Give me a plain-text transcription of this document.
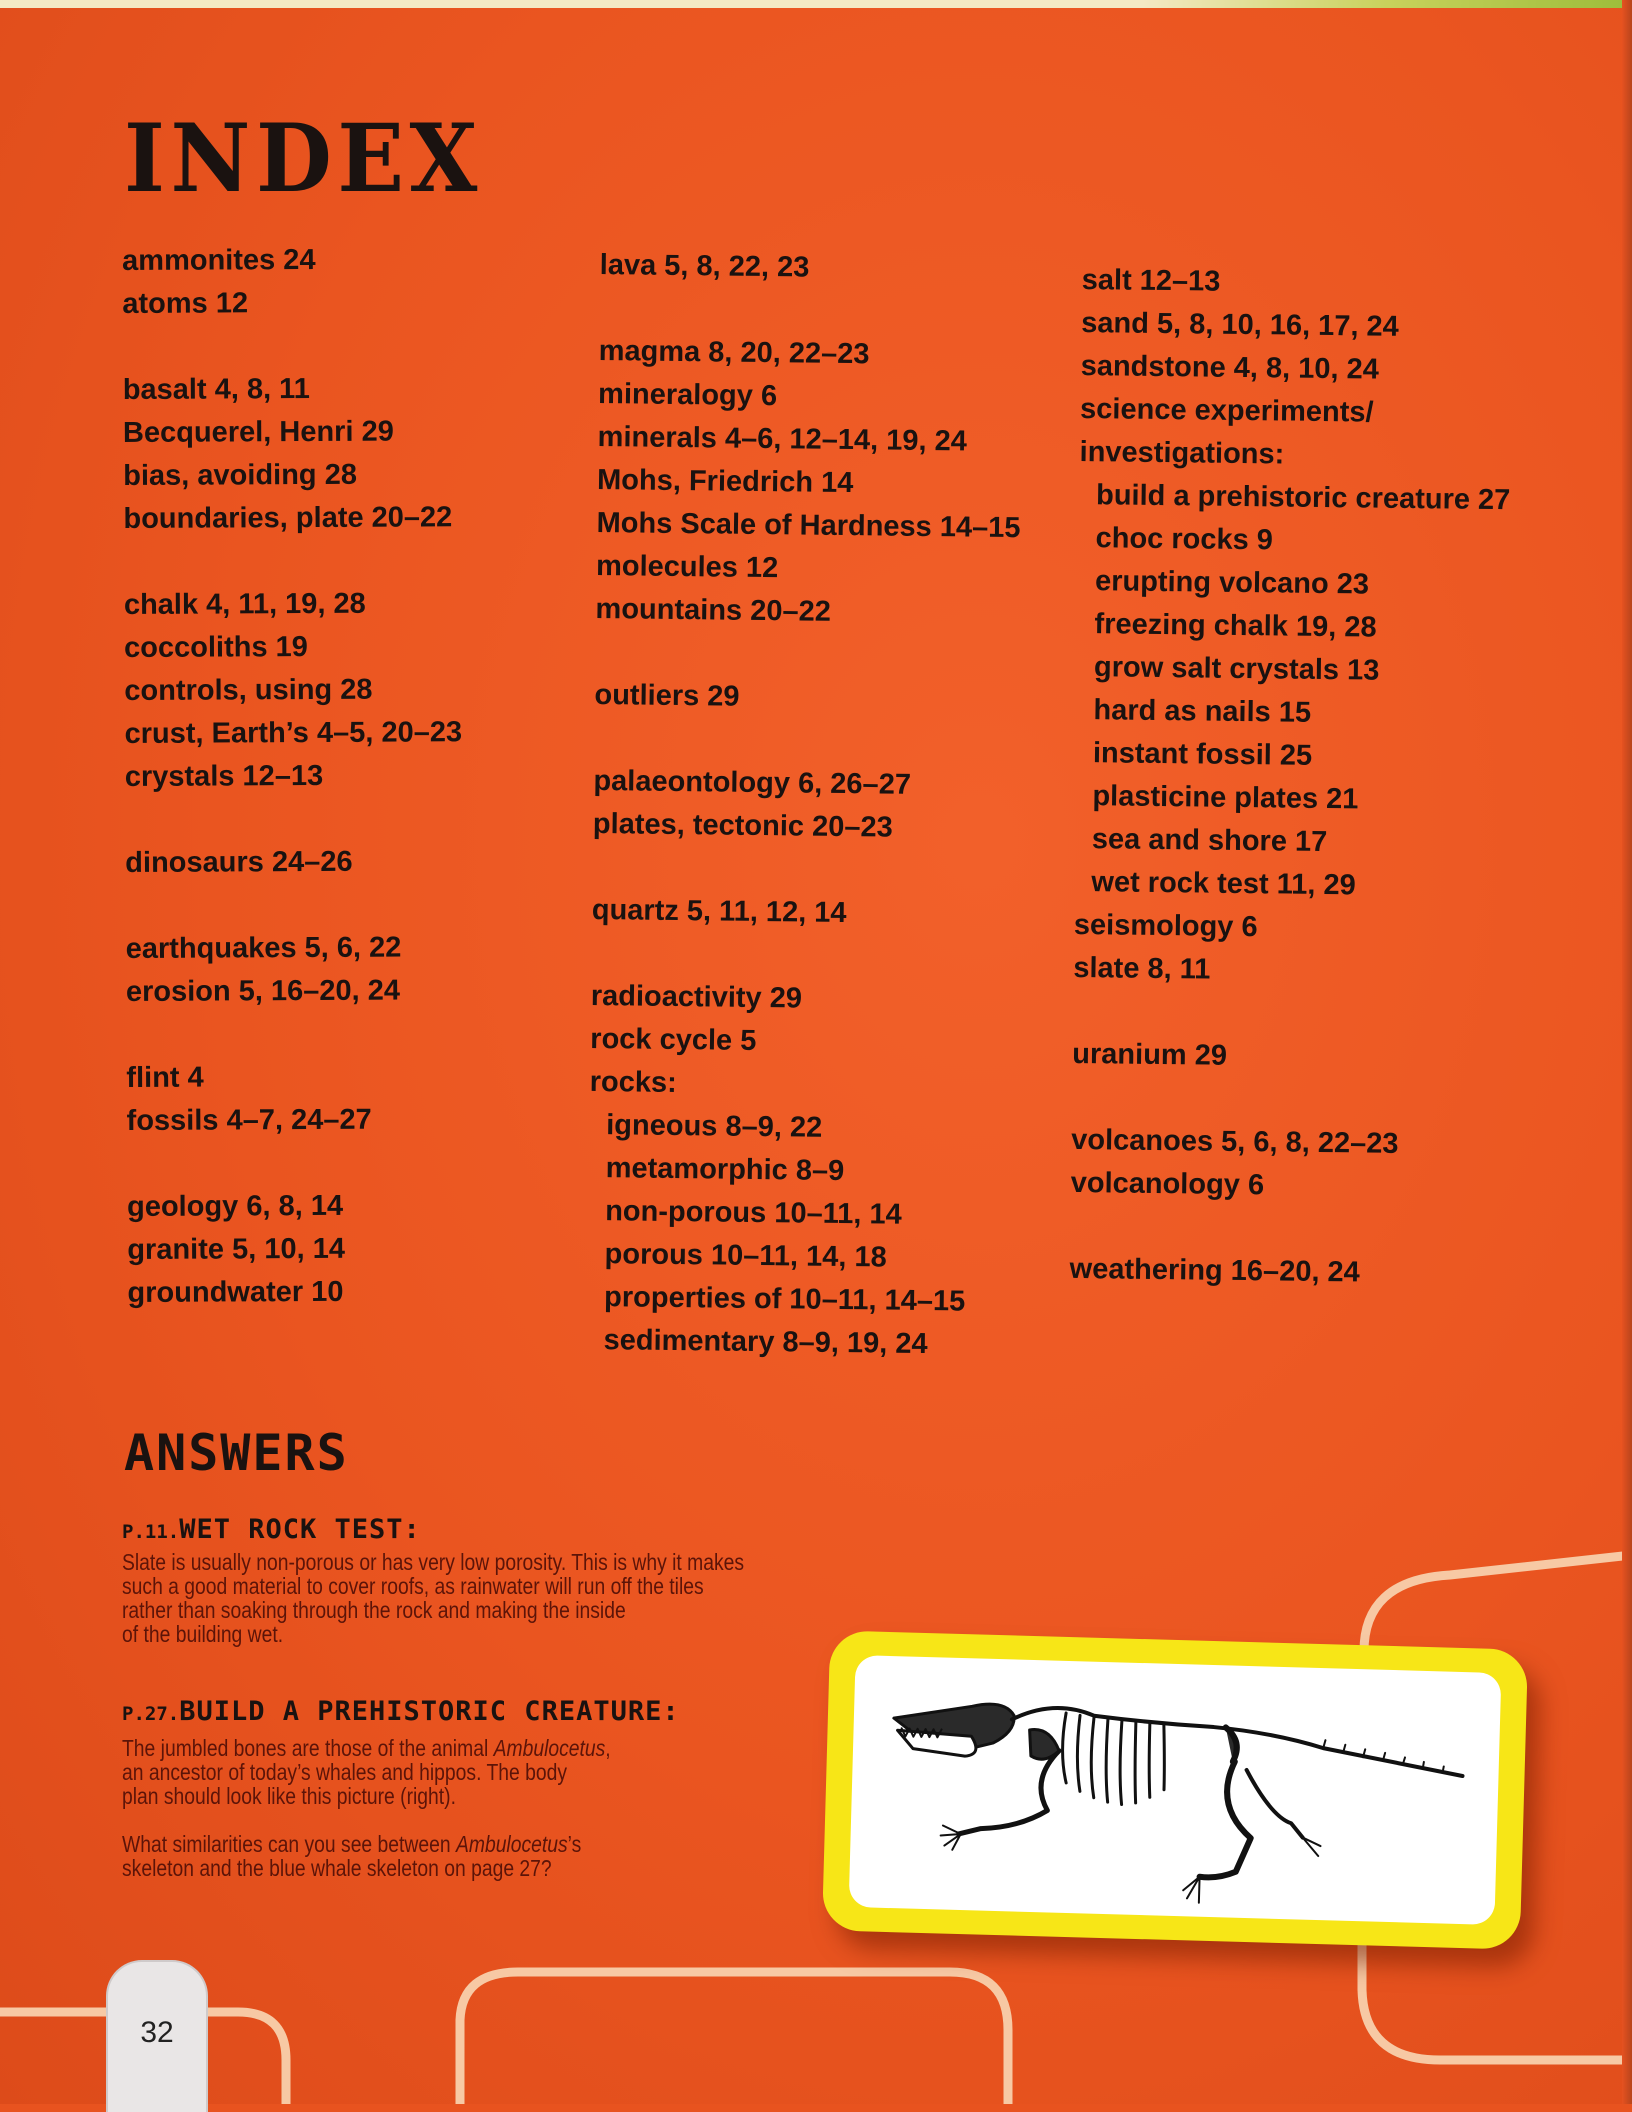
INDEX
ammonites 24
atoms 12
basalt 4, 8, 11
Becquerel, Henri 29
bias, avoiding 28
boundaries, plate 20–22
chalk 4, 11, 19, 28
coccoliths 19
controls, using 28
crust, Earth’s 4–5, 20–23
crystals 12–13
dinosaurs 24–26
earthquakes 5, 6, 22
erosion 5, 16–20, 24
flint 4
fossils 4–7, 24–27
geology 6, 8, 14
granite 5, 10, 14
groundwater 10
lava 5, 8, 22, 23
magma 8, 20, 22–23
mineralogy 6
minerals 4–6, 12–14, 19, 24
Mohs, Friedrich 14
Mohs Scale of Hardness 14–15
molecules 12
mountains 20–22
outliers 29
palaeontology 6, 26–27
plates, tectonic 20–23
quartz 5, 11, 12, 14
radioactivity 29
rock cycle 5
rocks:
igneous 8–9, 22
metamorphic 8–9
non-porous 10–11, 14
porous 10–11, 14, 18
properties of 10–11, 14–15
sedimentary 8–9, 19, 24
salt 12–13
sand 5, 8, 10, 16, 17, 24
sandstone 4, 8, 10, 24
science experiments/
investigations:
build a prehistoric creature 27
choc rocks 9
erupting volcano 23
freezing chalk 19, 28
grow salt crystals 13
hard as nails 15
instant fossil 25
plasticine plates 21
sea and shore 17
wet rock test 11, 29
seismology 6
slate 8, 11
uranium 29
volcanoes 5, 6, 8, 22–23
volcanology 6
weathering 16–20, 24
ANSWERS
P.11.WET ROCK TEST:
Slate is usually non-porous or has very low porosity. This is why it makes
such a good material to cover roofs, as rainwater will run off the tiles
rather than soaking through the rock and making the inside
of the building wet.
P.27.BUILD A PREHISTORIC CREATURE:
The jumbled bones are those of the animal Ambulocetus,
an ancestor of today’s whales and hippos. The body
plan should look like this picture (right).
What similarities can you see between Ambulocetus’s
skeleton and the blue whale skeleton on page 27?
32
